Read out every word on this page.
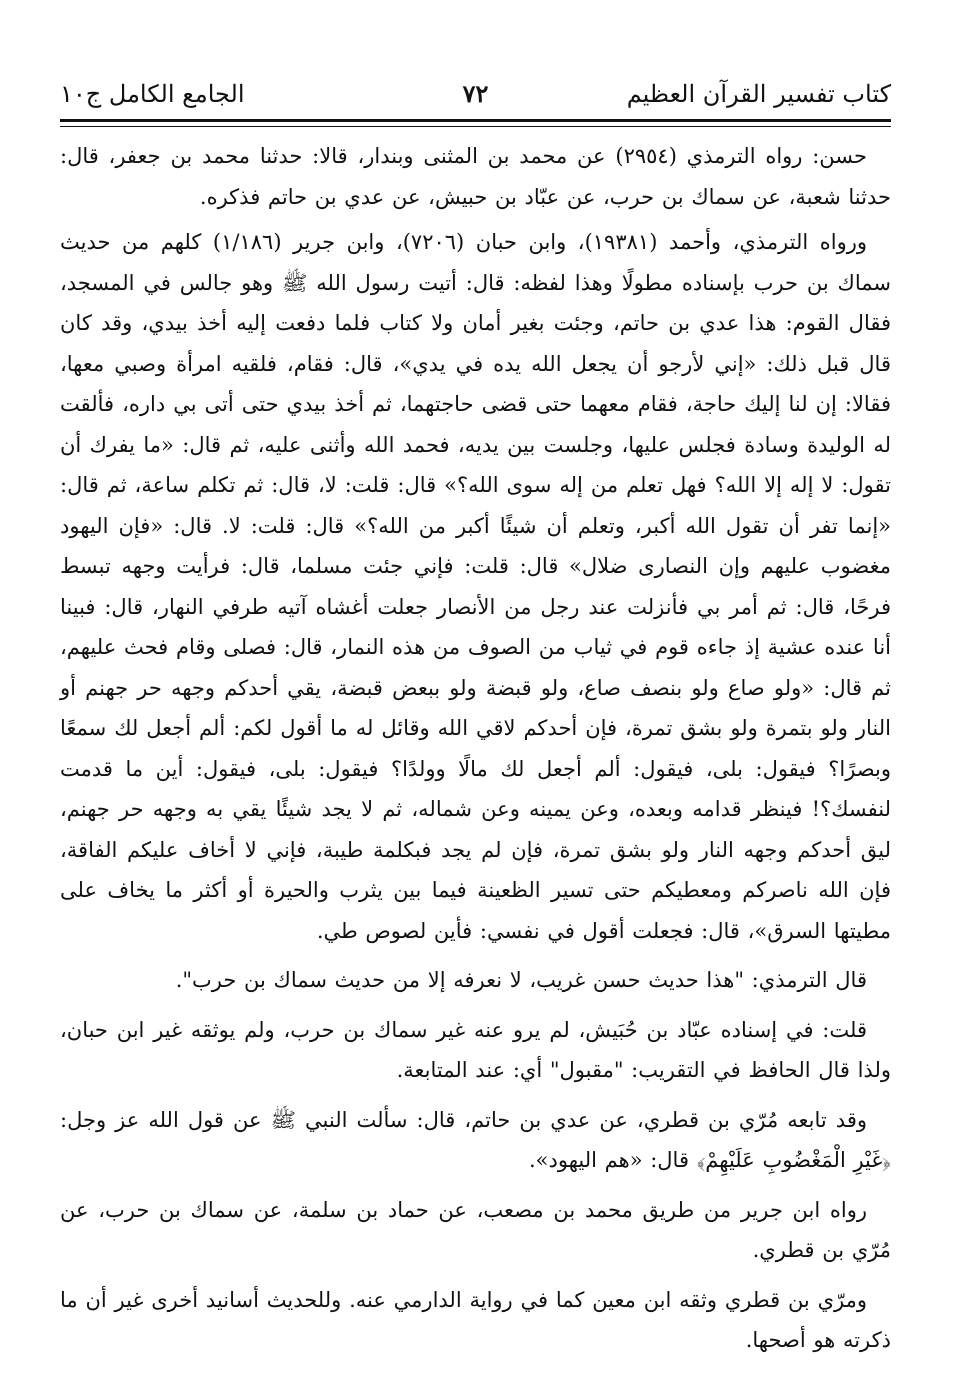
كتاب تفسير القرآن العظيم
٧٢
الجامع الكامل ج١٠

حسن: رواه الترمذي (٢٩٥٤) عن محمد بن المثنى وبندار، قالا: حدثنا محمد بن جعفر، قال: حدثنا شعبة، عن سماك بن حرب، عن عبّاد بن حبيش، عن عدي بن حاتم فذكره.

ورواه الترمذي، وأحمد (١٩٣٨١)، وابن حبان (٧٢٠٦)، وابن جرير (١/١٨٦) كلهم من حديث سماك بن حرب بإسناده مطولًا وهذا لفظه: قال: أتيت رسول الله ﷺ وهو جالس في المسجد، فقال القوم: هذا عدي بن حاتم، وجئت بغير أمان ولا كتاب فلما دفعت إليه أخذ بيدي، وقد كان قال قبل ذلك: «إني لأرجو أن يجعل الله يده في يدي»، قال: فقام، فلقيه امرأة وصبي معها، فقالا: إن لنا إليك حاجة، فقام معهما حتى قضى حاجتهما، ثم أخذ بيدي حتى أتى بي داره، فألقت له الوليدة وسادة فجلس عليها، وجلست بين يديه، فحمد الله وأثنى عليه، ثم قال: «ما يفرك أن تقول: لا إله إلا الله؟ فهل تعلم من إله سوى الله؟» قال: قلت: لا، قال: ثم تكلم ساعة، ثم قال: «إنما تفر أن تقول الله أكبر، وتعلم أن شيئًا أكبر من الله؟» قال: قلت: لا. قال: «فإن اليهود مغضوب عليهم وإن النصارى ضلال» قال: قلت: فإني جئت مسلما، قال: فرأيت وجهه تبسط فرحًا، قال: ثم أمر بي فأنزلت عند رجل من الأنصار جعلت أغشاه آتيه طرفي النهار، قال: فبينا أنا عنده عشية إذ جاءه قوم في ثياب من الصوف من هذه النمار، قال: فصلى وقام فحث عليهم، ثم قال: «ولو صاع ولو بنصف صاع، ولو قبضة ولو ببعض قبضة، يقي أحدكم وجهه حر جهنم أو النار ولو بتمرة ولو بشق تمرة، فإن أحدكم لاقي الله وقائل له ما أقول لكم: ألم أجعل لك سمعًا وبصرًا؟ فيقول: بلى، فيقول: ألم أجعل لك مالًا وولدًا؟ فيقول: بلى، فيقول: أين ما قدمت لنفسك؟! فينظر قدامه وبعده، وعن يمينه وعن شماله، ثم لا يجد شيئًا يقي به وجهه حر جهنم، ليق أحدكم وجهه النار ولو بشق تمرة، فإن لم يجد فبكلمة طيبة، فإني لا أخاف عليكم الفاقة، فإن الله ناصركم ومعطيكم حتى تسير الظعينة فيما بين يثرب والحيرة أو أكثر ما يخاف على مطيتها السرق»، قال: فجعلت أقول في نفسي: فأين لصوص طي.

قال الترمذي: "هذا حديث حسن غريب، لا نعرفه إلا من حديث سماك بن حرب".

قلت: في إسناده عبّاد بن حُبَيش، لم يرو عنه غير سماك بن حرب، ولم يوثقه غير ابن حبان، ولذا قال الحافظ في التقريب: "مقبول" أي: عند المتابعة.

وقد تابعه مُرّي بن قطري، عن عدي بن حاتم، قال: سألت النبي ﷺ عن قول الله عز وجل: ﴿غَيْرِ الْمَغْضُوبِ عَلَيْهِمْ﴾ قال: «هم اليهود».

رواه ابن جرير من طريق محمد بن مصعب، عن حماد بن سلمة، عن سماك بن حرب، عن مُرّي بن قطري.

ومرّي بن قطري وثقه ابن معين كما في رواية الدارمي عنه. وللحديث أسانيد أخرى غير أن ما ذكرته هو أصحها.
